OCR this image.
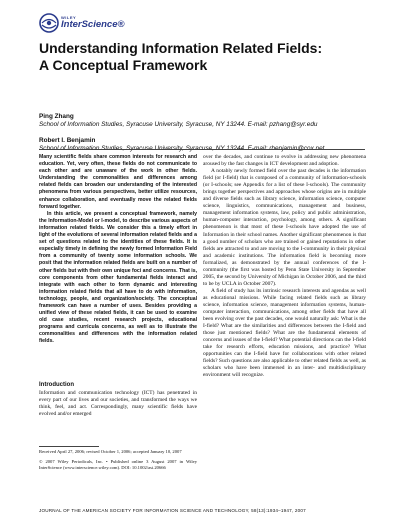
WILEY
InterScience®
Understanding Information Related Fields:
A Conceptual Framework
Ping Zhang
School of Information Studies, Syracuse University, Syracuse, NY 13244. E-mail: pzhang@syr.edu
Robert I. Benjamin
School of Information Studies, Syracuse University, Syracuse, NY 13244. E-mail: rbenjamin@cox.net

Many scientific fields share common interests for research and education. Yet, very often, these fields do not communicate to each other and are unaware of the work in other fields. Understanding the commonalities and differences among related fields can broaden our understanding of the interested phenomena from various perspectives, better utilize resources, enhance collaboration, and eventually move the related fields forward together.

In this article, we present a conceptual framework, namely the Information-Model or I-model, to describe various aspects of information related fields. We consider this a timely effort in light of the evolutions of several information related fields and a set of questions related to the identities of these fields. It is especially timely in defining the newly formed Information Field from a community of twenty some information schools. We posit that the information related fields are built on a number of other fields but with their own unique foci and concerns. That is, core components from other fundamental fields interact and integrate with each other to form dynamic and interesting information related fields that all have to do with information, technology, people, and organization/society. The conceptual framework can have a number of uses. Besides providing a unified view of these related fields, it can be used to examine old case studies, recent research projects, educational programs and curricula concerns, as well as to illustrate the commonalities and differences with the information related fields.

Introduction

Information and communication technology (ICT) has penetrated in every part of our lives and our societies, and transformed the ways we think, feel, and act. Correspondingly, many scientific fields have evolved and/or emerged

Received April 27, 2006; revised October 1, 2006; accepted January 10, 2007

© 2007 Wiley Periodicals, Inc. • Published online 3 August 2007 in Wiley InterScience (www.interscience.wiley.com). DOI: 10.1002/asi.20666

over the decades, and continue to evolve in addressing new phenomena aroused by the fast changes in ICT development and adoption.

A notably newly formed field over the past decades is the information field (or I-field) that is composed of a community of information-schools (or I-schools; see Appendix for a list of these I-schools). The community brings together perspectives and approaches whose origins are in multiple and diverse fields such as library science, information science, computer science, linguistics, communications, management and business, management information systems, law, policy and public administration, human-computer interaction, psychology, among others. A significant phenomenon is that most of these I-schools have adopted the use of Information in their school names. Another significant phenomenon is that a good number of scholars who are trained or gained reputations in other fields are attracted to and are moving to the I-community in their physical and academic institutions. The information field is becoming more formalized, as demonstrated by the annual conferences of the I-community (the first was hosted by Penn State University in September 2005, the second by University of Michigan in October 2006, and the third to be by UCLA in October 2007).

A field of study has its intrinsic research interests and agendas as well as educational missions. While facing related fields such as library science, information science, management information systems, human-computer interaction, communications, among other fields that have all been evolving over the past decades, one would naturally ask: What is the I-field? What are the similarities and differences between the I-field and those just mentioned fields? What are the fundamental elements of concerns and issues of the I-field? What potential directions can the I-field take for research efforts, education missions, and practice? What opportunities can the I-field have for collaborations with other related fields? Such questions are also applicable to other related fields as well, as scholars who have been immersed in an inter- and multidisciplinary environment will recognize.

JOURNAL OF THE AMERICAN SOCIETY FOR INFORMATION SCIENCE AND TECHNOLOGY, 58(13):1934–1947, 2007
